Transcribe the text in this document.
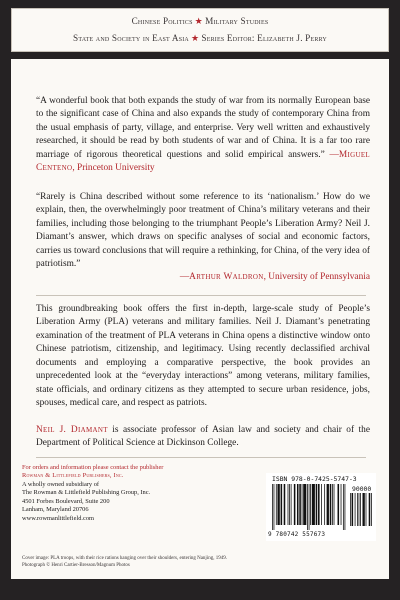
Chinese Politics ★ Military Studies
State and Society in East Asia ★ Series Editor: Elizabeth J. Perry

“A wonderful book that both expands the study of war from its normally European base to the significant case of China and also expands the study of contemporary China from the usual emphasis of party, village, and enterprise. Very well written and exhaustively researched, it should be read by both students of war and of China. It is a far too rare marriage of rigorous theoretical questions and solid empirical answers.” —Miguel Centeno, Princeton University

“Rarely is China described without some reference to its ‘nationalism.’ How do we explain, then, the overwhelmingly poor treatment of China’s military veterans and their families, including those belonging to the triumphant People’s Liberation Army? Neil J. Diamant’s answer, which draws on specific analyses of social and economic factors, carries us toward conclusions that will require a rethinking, for China, of the very idea of patriotism.”

—Arthur Waldron, University of Pennsylvania

This groundbreaking book offers the first in-depth, large-scale study of People’s Liberation Army (PLA) veterans and military families. Neil J. Diamant’s penetrating examination of the treatment of PLA veterans in China opens a distinctive window onto Chinese patriotism, citizenship, and legitimacy. Using recently declassified archival documents and employing a comparative perspective, the book provides an unprecedented look at the “everyday interactions” among veterans, military families, state officials, and ordinary citizens as they attempted to secure urban residence, jobs, spouses, medical care, and respect as patriots.

Neil J. Diamant is associate professor of Asian law and society and chair of the Department of Political Science at Dickinson College.

For orders and information please contact the publisher
Rowman & Littlefield Publishers, Inc.
A wholly owned subsidiary of
The Rowman & Littlefield Publishing Group, Inc.
4501 Forbes Boulevard, Suite 200
Lanham, Maryland 20706
www.rowmanlittlefield.com
Cover image: PLA troops, with their rice rations hanging over their shoulders, entering Nanjing, 1949.
Photograph © Henri Cartier-Bresson/Magnum Photos
ISBN 978-0-7425-5747-3
90000
9 780742 557673
